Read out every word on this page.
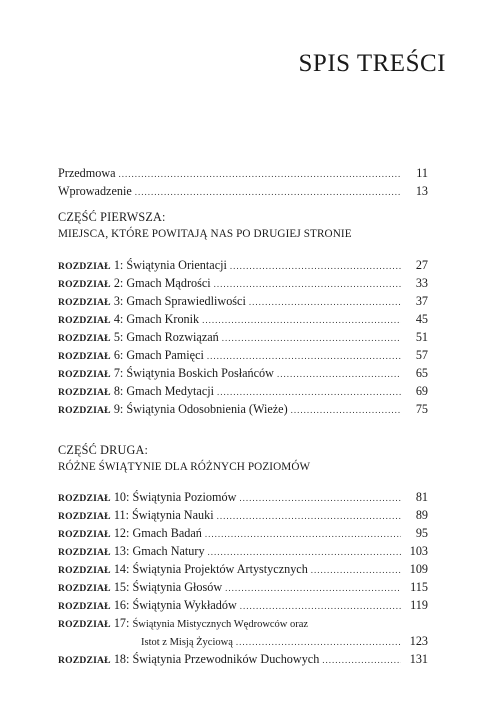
SPIS TREŚCI
Przedmowa .....	11
Wprowadzenie .....	13
CZĘŚĆ PIERWSZA:
MIEJSCA, KTÓRE POWITAJĄ NAS PO DRUGIEJ STRONIE
ROZDZIAŁ 1: Świątynia Orientacji .....	27
ROZDZIAŁ 2: Gmach Mądrości .....	33
ROZDZIAŁ 3: Gmach Sprawiedliwości .....	37
ROZDZIAŁ 4: Gmach Kronik .....	45
ROZDZIAŁ 5: Gmach Rozwiązań .....	51
ROZDZIAŁ 6: Gmach Pamięci .....	57
ROZDZIAŁ 7: Świątynia Boskich Posłańców .....	65
ROZDZIAŁ 8: Gmach Medytacji .....	69
ROZDZIAŁ 9: Świątynia Odosobnienia (Wieże) .....	75
CZĘŚĆ DRUGA:
RÓŻNE ŚWIĄTYNIE DLA RÓŻNYCH POZIOMÓW
ROZDZIAŁ 10: Świątynia Poziomów .....	81
ROZDZIAŁ 11: Świątynia Nauki .....	89
ROZDZIAŁ 12: Gmach Badań .....	95
ROZDZIAŁ 13: Gmach Natury .....	103
ROZDZIAŁ 14: Świątynia Projektów Artystycznych .....	109
ROZDZIAŁ 15: Świątynia Głosów .....	115
ROZDZIAŁ 16: Świątynia Wykładów .....	119
ROZDZIAŁ 17: Świątynia Mistycznych Wędrowców oraz
Istot z Misją Życiową .....	123
ROZDZIAŁ 18: Świątynia Przewodników Duchowych .....	131
